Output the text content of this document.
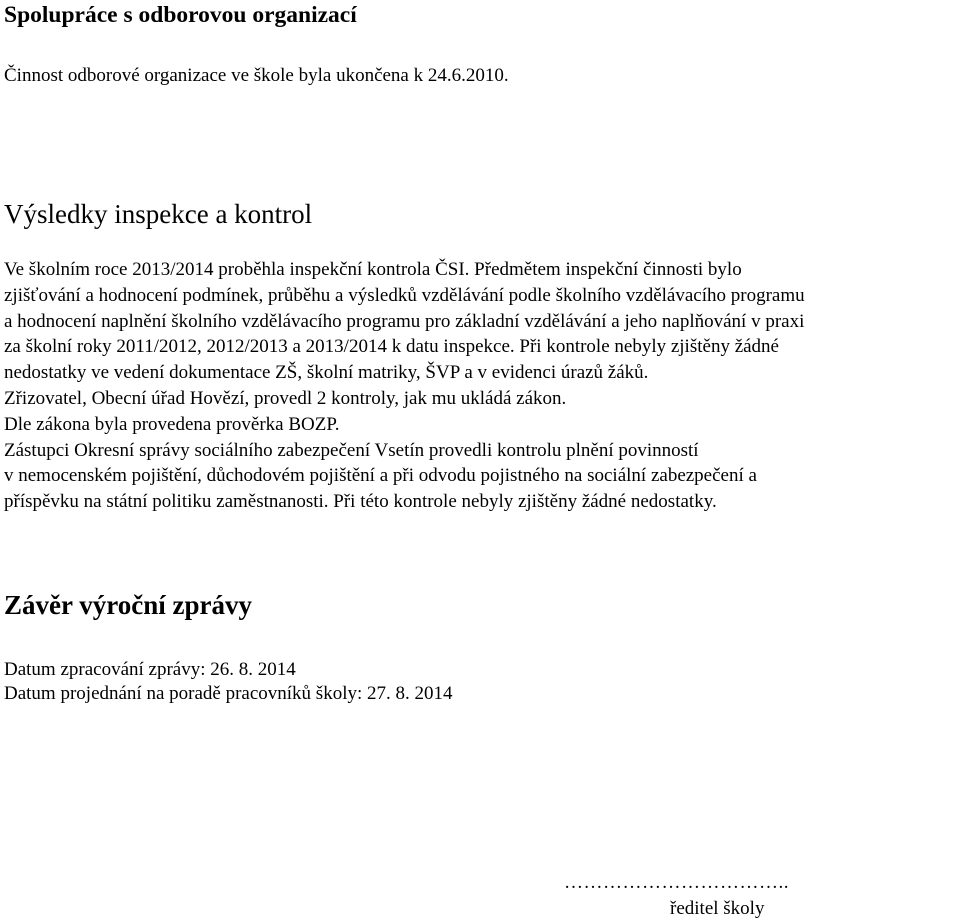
Spolupráce s odborovou organizací
Činnost odborové organizace ve škole byla ukončena k 24.6.2010.
Výsledky inspekce a kontrol
Ve školním roce 2013/2014 proběhla inspekční kontrola ČSI. Předmětem inspekční činnosti bylo
zjišťování a hodnocení podmínek, průběhu a výsledků vzdělávání podle školního vzdělávacího programu
a hodnocení naplnění školního vzdělávacího programu pro základní vzdělávání a jeho naplňování v praxi
za školní roky 2011/2012, 2012/2013 a 2013/2014 k datu inspekce. Při kontrole nebyly zjištěny žádné
nedostatky ve vedení dokumentace ZŠ, školní matriky, ŠVP a v evidenci úrazů žáků.
Zřizovatel, Obecní úřad Hovězí, provedl 2 kontroly, jak mu ukládá zákon.
Dle zákona byla provedena prověrka BOZP.
Zástupci Okresní správy sociálního zabezpečení Vsetín provedli kontrolu plnění povinností
v nemocenském pojištění, důchodovém pojištění a při odvodu pojistného na sociální zabezpečení a
příspěvku na státní politiku zaměstnanosti. Při této kontrole nebyly zjištěny žádné nedostatky.
Závěr výroční zprávy
Datum zpracování zprávy: 26. 8. 2014
Datum projednání na poradě pracovníků školy: 27. 8. 2014
……………………………..
ředitel školy
